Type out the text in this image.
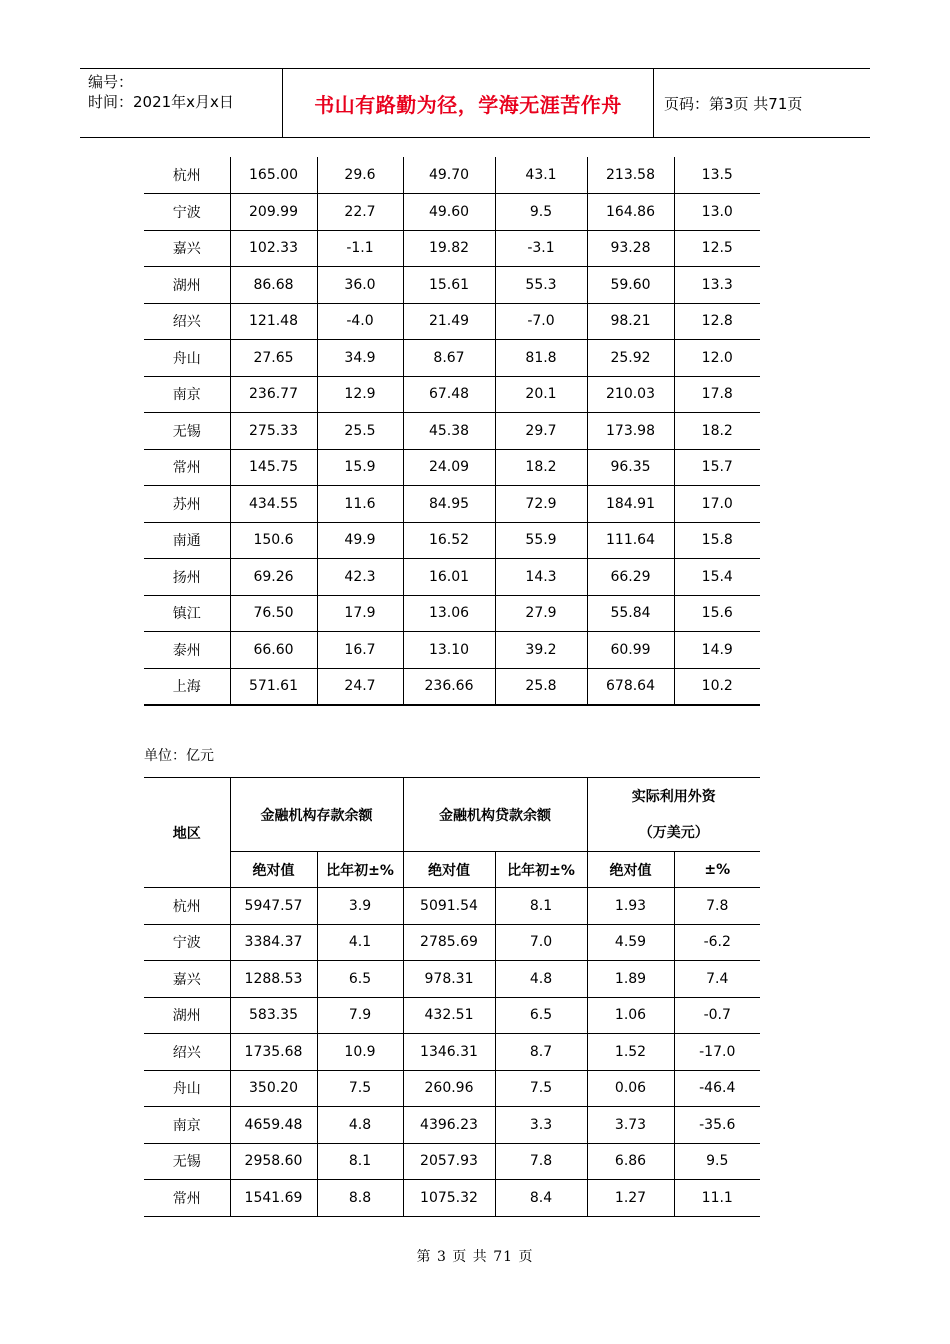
编号：
时间：2021年x月x日	书山有路勤为径，学海无涯苦作舟	页码：第3页 共71页
杭州	165.00	29.6	49.70	43.1	213.58	13.5
宁波	209.99	22.7	49.60	9.5	164.86	13.0
嘉兴	102.33	-1.1	19.82	-3.1	93.28	12.5
湖州	86.68	36.0	15.61	55.3	59.60	13.3
绍兴	121.48	-4.0	21.49	-7.0	98.21	12.8
舟山	27.65	34.9	8.67	81.8	25.92	12.0
南京	236.77	12.9	67.48	20.1	210.03	17.8
无锡	275.33	25.5	45.38	29.7	173.98	18.2
常州	145.75	15.9	24.09	18.2	96.35	15.7
苏州	434.55	11.6	84.95	72.9	184.91	17.0
南通	150.6	49.9	16.52	55.9	111.64	15.8
扬州	69.26	42.3	16.01	14.3	66.29	15.4
镇江	76.50	17.9	13.06	27.9	55.84	15.6
泰州	66.60	16.7	13.10	39.2	60.99	14.9
上海	571.61	24.7	236.66	25.8	678.64	10.2
单位：亿元
地区	金融机构存款余额		金融机构贷款余额		实际利用外资
（万美元）	

	绝对值	比年初±%	绝对值	比年初±%	绝对值	±%
杭州	5947.57	3.9	5091.54	8.1	1.93	7.8
宁波	3384.37	4.1	2785.69	7.0	4.59	-6.2
嘉兴	1288.53	6.5	978.31	4.8	1.89	7.4
湖州	583.35	7.9	432.51	6.5	1.06	-0.7
绍兴	1735.68	10.9	1346.31	8.7	1.52	-17.0
舟山	350.20	7.5	260.96	7.5	0.06	-46.4
南京	4659.48	4.8	4396.23	3.3	3.73	-35.6
无锡	2958.60	8.1	2057.93	7.8	6.86	9.5
常州	1541.69	8.8	1075.32	8.4	1.27	11.1
第 3 页 共 71 页
